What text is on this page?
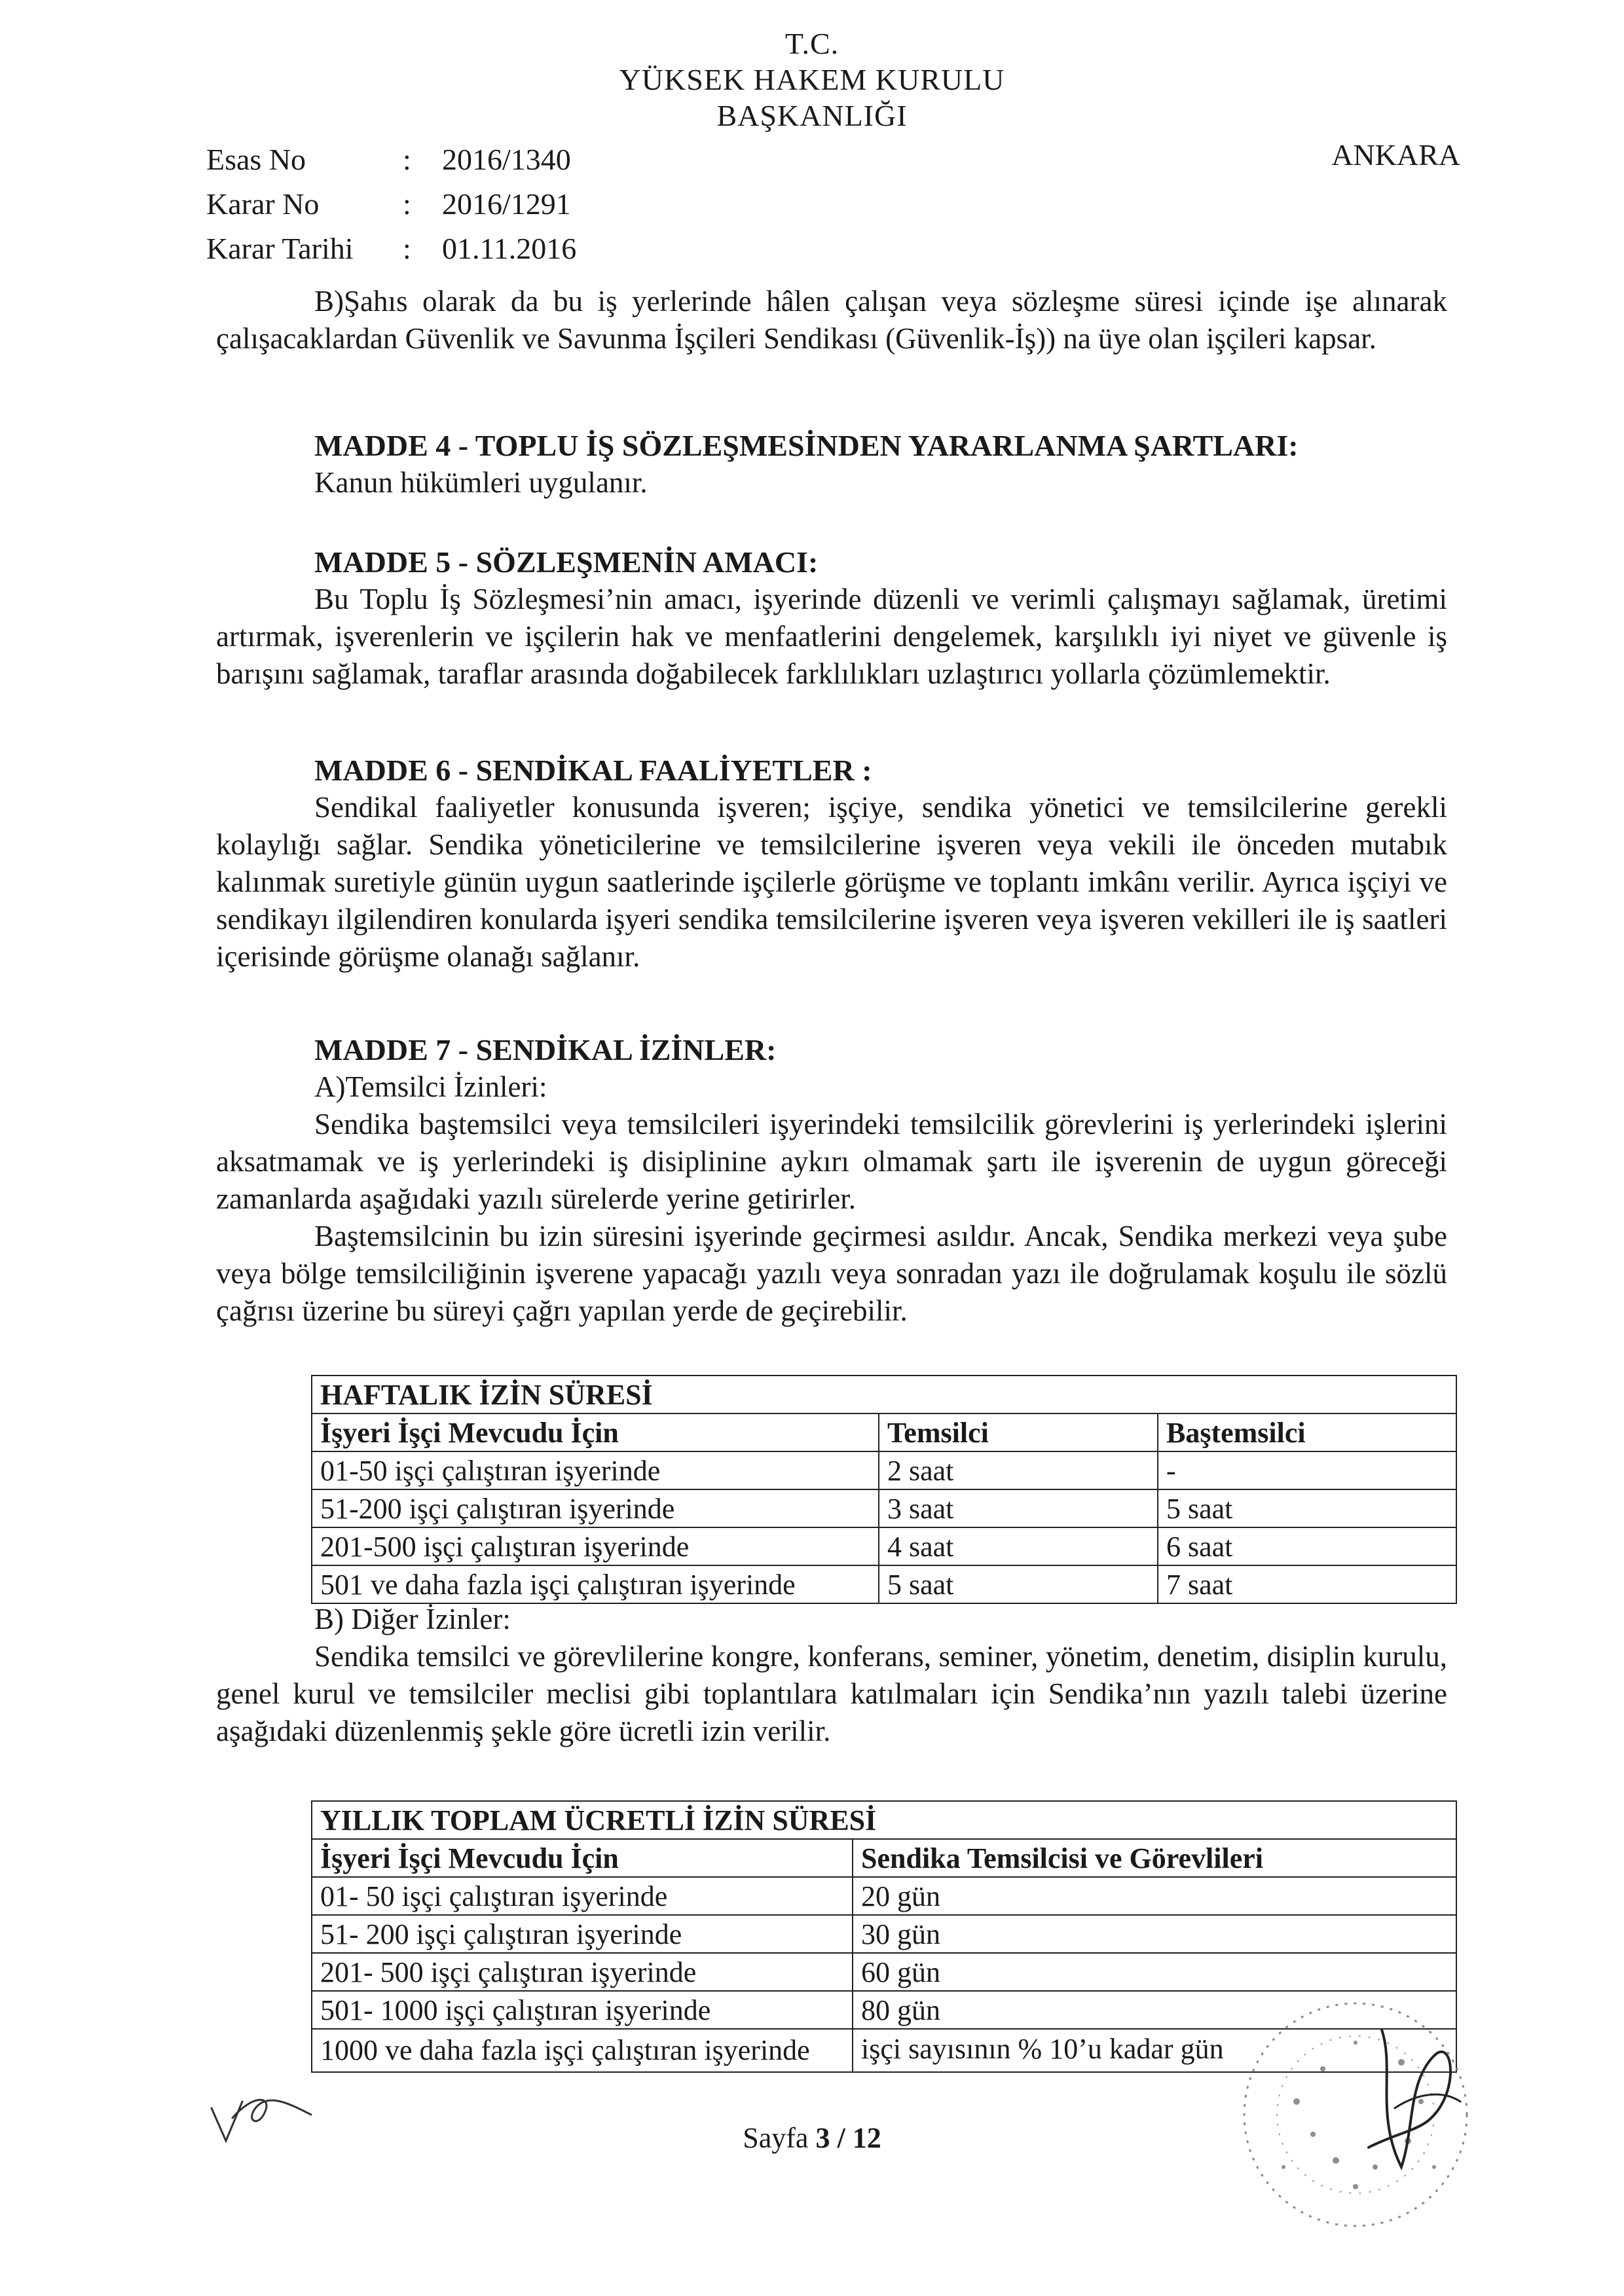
T.C.
YÜKSEK HAKEM KURULU
BAŞKANLIĞI
Esas No	:	2016/1340
Karar No	:	2016/1291
Karar Tarihi	:	01.11.2016
ANKARA

B)Şahıs olarak da bu iş yerlerinde hâlen çalışan veya sözleşme süresi içinde işe alınarak çalışacaklardan Güvenlik ve Savunma İşçileri Sendikası (Güvenlik-İş)) na üye olan işçileri kapsar.

MADDE 4 - TOPLU İŞ SÖZLEŞMESİNDEN YARARLANMA ŞARTLARI:

Kanun hükümleri uygulanır.

MADDE 5 - SÖZLEŞMENİN AMACI:

Bu Toplu İş Sözleşmesi’nin amacı, işyerinde düzenli ve verimli çalışmayı sağlamak, üretimi artırmak, işverenlerin ve işçilerin hak ve menfaatlerini dengelemek, karşılıklı iyi niyet ve güvenle iş barışını sağlamak, taraflar arasında doğabilecek farklılıkları uzlaştırıcı yollarla çözümlemektir.

MADDE 6 - SENDİKAL FAALİYETLER :

Sendikal faaliyetler konusunda işveren; işçiye, sendika yönetici ve temsilcilerine gerekli kolaylığı sağlar. Sendika yöneticilerine ve temsilcilerine işveren veya vekili ile önceden mutabık kalınmak suretiyle günün uygun saatlerinde işçilerle görüşme ve toplantı imkânı verilir. Ayrıca işçiyi ve sendikayı ilgilendiren konularda işyeri sendika temsilcilerine işveren veya işveren vekilleri ile iş saatleri içerisinde görüşme olanağı sağlanır.

MADDE 7 - SENDİKAL İZİNLER:

A)Temsilci İzinleri:

Sendika baştemsilci veya temsilcileri işyerindeki temsilcilik görevlerini iş yerlerindeki işlerini aksatmamak ve iş yerlerindeki iş disiplinine aykırı olmamak şartı ile işverenin de uygun göreceği zamanlarda aşağıdaki yazılı sürelerde yerine getirirler.

Baştemsilcinin bu izin süresini işyerinde geçirmesi asıldır. Ancak, Sendika merkezi veya şube veya bölge temsilciliğinin işverene yapacağı yazılı veya sonradan yazı ile doğrulamak koşulu ile sözlü çağrısı üzerine bu süreyi çağrı yapılan yerde de geçirebilir.

HAFTALIK İZİN SÜRESİ		
İşyeri İşçi Mevcudu İçin	Temsilci	Baştemsilci
01-50 işçi çalıştıran işyerinde	2 saat	-
51-200 işçi çalıştıran işyerinde	3 saat	5 saat
201-500 işçi çalıştıran işyerinde	4 saat	6 saat
501 ve daha fazla işçi çalıştıran işyerinde	5 saat	7 saat

B) Diğer İzinler:

Sendika temsilci ve görevlilerine kongre, konferans, seminer, yönetim, denetim, disiplin kurulu, genel kurul ve temsilciler meclisi gibi toplantılara katılmaları için Sendika’nın yazılı talebi üzerine aşağıdaki düzenlenmiş şekle göre ücretli izin verilir.

YILLIK TOPLAM ÜCRETLİ İZİN SÜRESİ	
İşyeri İşçi Mevcudu İçin	Sendika Temsilcisi ve Görevlileri
01- 50 işçi çalıştıran işyerinde	20 gün
51- 200 işçi çalıştıran işyerinde	30 gün
201- 500 işçi çalıştıran işyerinde	60 gün
501- 1000 işçi çalıştıran işyerinde	80 gün
1000 ve daha fazla işçi çalıştıran işyerinde	işçi sayısının % 10’u kadar gün
Sayfa 3 / 12
